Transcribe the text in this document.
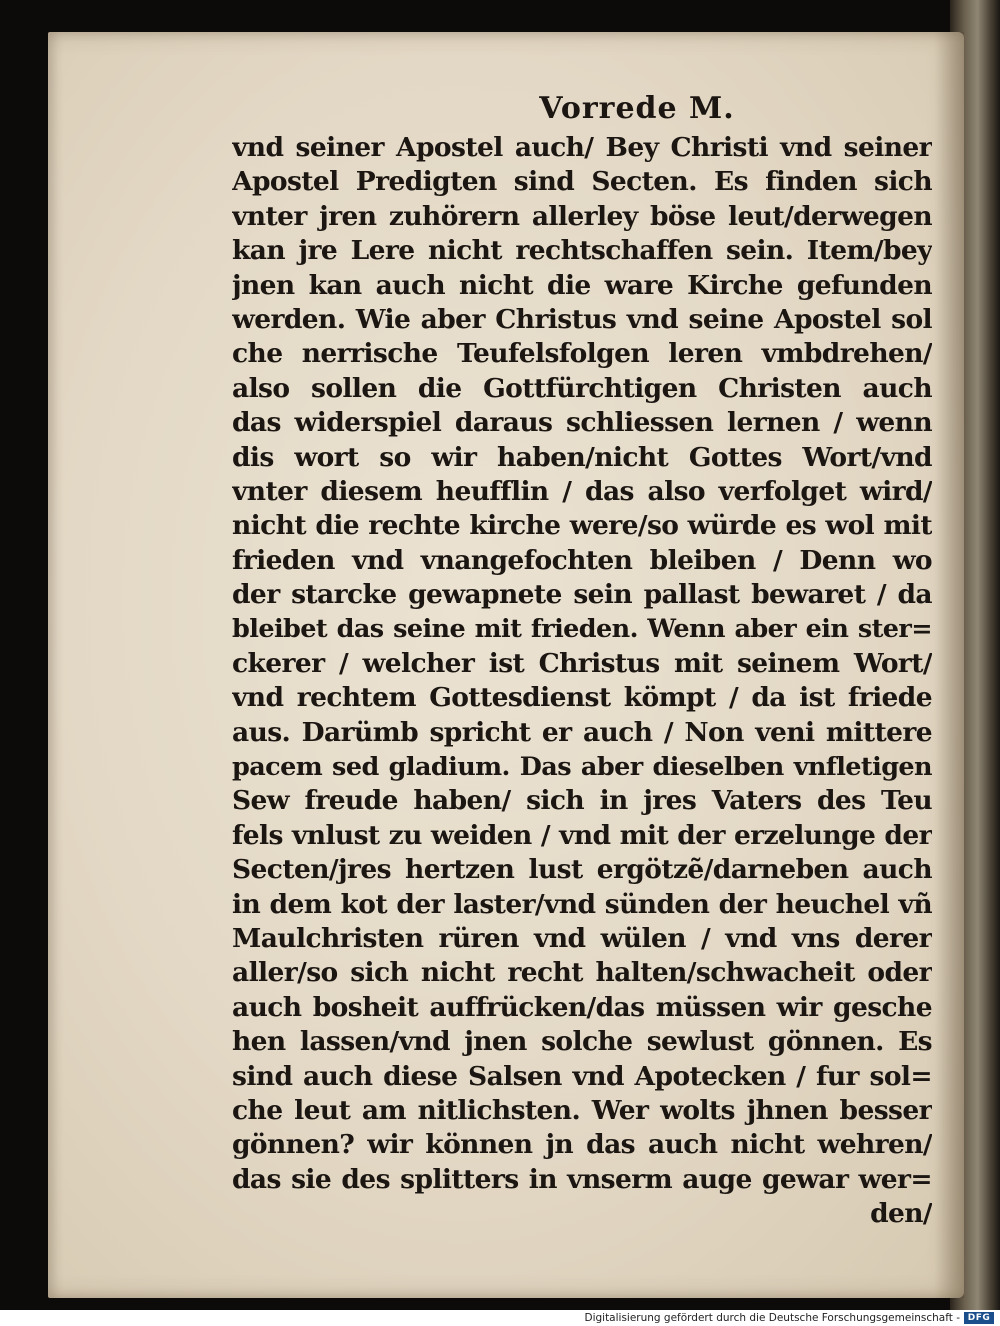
Vorrede M.
vnd seiner Apostel auch/ Bey Christi vnd seiner
Apostel Predigten sind Secten. Es finden sich
vnter jren zuhörern allerley böse leut/derwegen
kan jre Lere nicht rechtschaffen sein. Item/bey
jnen kan auch nicht die ware Kirche gefunden
werden. Wie aber Christus vnd seine Apostel sol
che nerrische Teufelsfolgen leren vmbdrehen/
also sollen die Gottfürchtigen Christen auch
das widerspiel daraus schliessen lernen / wenn
dis wort so wir haben/nicht Gottes Wort/vnd
vnter diesem heufflin / das also verfolget wird/
nicht die rechte kirche were/so würde es wol mit
frieden vnd vnangefochten bleiben / Denn wo
der starcke gewapnete sein pallast bewaret / da
bleibet das seine mit frieden. Wenn aber ein ster=
ckerer / welcher ist Christus mit seinem Wort/
vnd rechtem Gottesdienst kömpt / da ist friede
aus. Darümb spricht er auch / Non veni mittere
pacem sed gladium. Das aber dieselben vnfletigen
Sew freude haben/ sich in jres Vaters des Teu
fels vnlust zu weiden / vnd mit der erzelunge der
Secten/jres hertzen lust ergötzẽ/darneben auch
in dem kot der laster/vnd sünden der heuchel vñ
Maulchristen rüren vnd wülen / vnd vns derer
aller/so sich nicht recht halten/schwacheit oder
auch bosheit auffrücken/das müssen wir gesche
hen lassen/vnd jnen solche sewlust gönnen. Es
sind auch diese Salsen vnd Apotecken / fur sol=
che leut am nitlichsten. Wer wolts jhnen besser
gönnen? wir können jn das auch nicht wehren/
das sie des splitters in vnserm auge gewar wer=
den/
Digitalisierung gefördert durch die Deutsche Forschungsgemeinschaft - DFG
